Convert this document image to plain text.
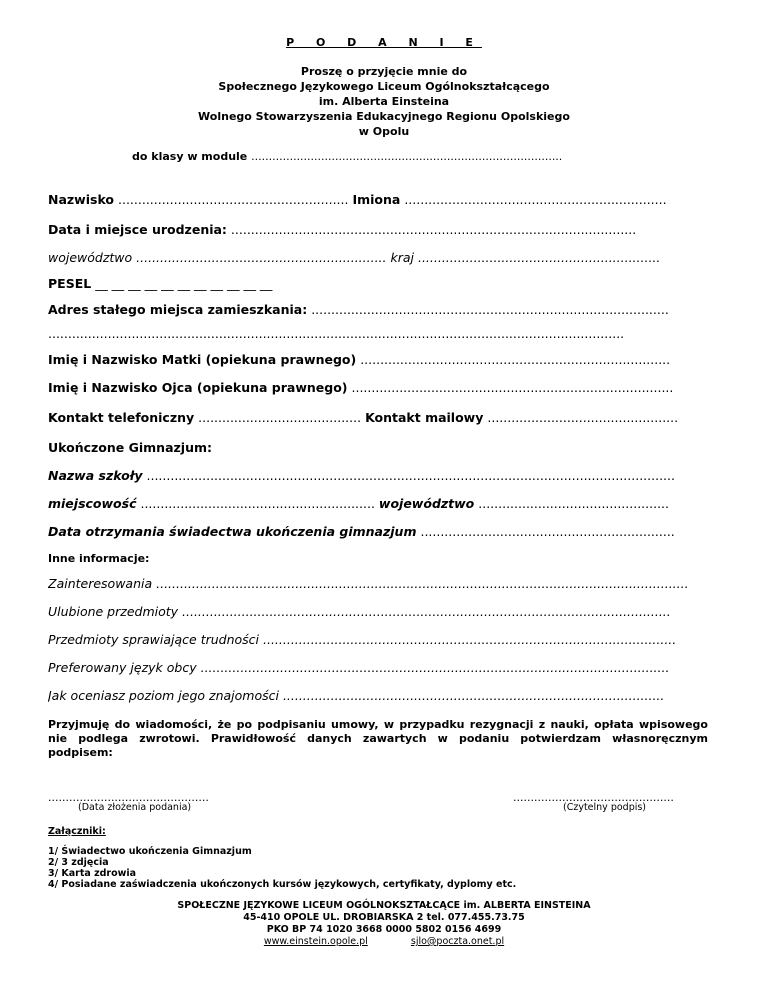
P O D A N I E
Proszę o przyjęcie mnie do
Społecznego Językowego Liceum Ogólnokształcącego
im. Alberta Einsteina
Wolnego Stowarzyszenia Edukacyjnego Regionu Opolskiego
w Opolu
do klasy w module .........................................................................................
Nazwisko .......................................................... Imiona ..................................................................
Data i miejsce urodzenia: ......................................................................................................
województwo ............................................................... kraj .............................................................
PESEL __ __ __ __ __ __ __ __ __ __ __
Adres stałego miejsca zamieszkania: ..........................................................................................
.................................................................................................................................................
Imię i Nazwisko Matki (opiekuna prawnego) ..............................................................................
Imię i Nazwisko Ojca (opiekuna prawnego) .................................................................................
Kontakt telefoniczny ......................................... Kontakt mailowy ................................................
Ukończone Gimnazjum:
Nazwa szkoły .....................................................................................................................................
miejscowość ........................................................... województwo ................................................
Data otrzymania świadectwa ukończenia gimnazjum ................................................................
Inne informacje:
Zainteresowania ......................................................................................................................................
Ulubione przedmioty ...........................................................................................................................
Przedmioty sprawiające trudności ........................................................................................................
Preferowany język obcy ......................................................................................................................
Jak oceniasz poziom jego znajomości ................................................................................................
Przyjmuję do wiadomości, że po podpisaniu umowy, w przypadku rezygnacji z nauki, opłata wpisowego nie podlega zwrotowi. Prawidłowość danych zawartych w podaniu potwierdzam własnoręcznym podpisem:
..............................................
(Data złożenia podania)
..............................................
(Czytelny podpis)
Załączniki:
1/ Świadectwo ukończenia Gimnazjum
2/ 3 zdjęcia
3/ Karta zdrowia
4/ Posiadane zaświadczenia ukończonych kursów językowych, certyfikaty, dyplomy etc.
SPOŁECZNE JĘZYKOWE LICEUM OGÓLNOKSZTAŁCĄCE im. ALBERTA EINSTEINA
45-410 OPOLE UL. DROBIARSKA 2 tel. 077.455.73.75
PKO BP 74 1020 3668 0000 5802 0156 4699
www.einstein.opole.pl	sjlo@poczta.onet.pl
